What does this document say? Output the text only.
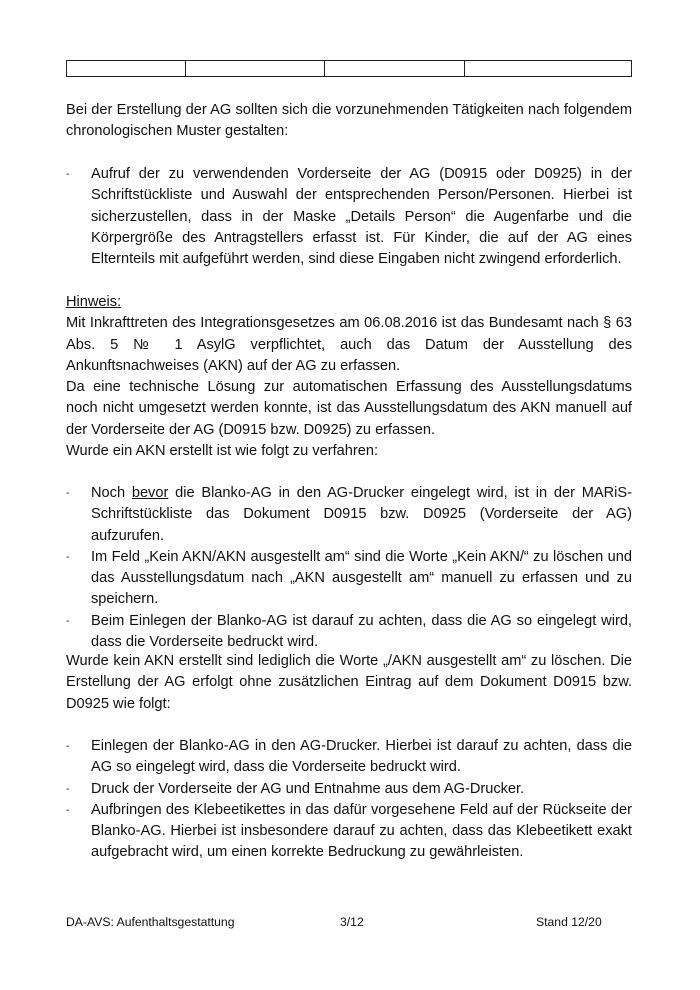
Bei der Erstellung der AG sollten sich die vorzunehmenden Tätigkeiten nach folgendem chronologischen Muster gestalten:

- Aufruf der zu verwendenden Vorderseite der AG (D0915 oder D0925) in der Schriftstückliste und Auswahl der entsprechenden Person/Personen. Hierbei ist sicherzustellen, dass in der Maske „Details Person“ die Augenfarbe und die Körpergröße des Antragstellers erfasst ist. Für Kinder, die auf der AG eines Elternteils mit aufgeführt werden, sind diese Eingaben nicht zwingend erforderlich.

Hinweis:

Mit Inkrafttreten des Integrationsgesetzes am 06.08.2016 ist das Bundesamt nach § 63 Abs. 5 № 1 AsylG verpflichtet, auch das Datum der Ausstellung des Ankunftsnachweises (AKN) auf der AG zu erfassen.

Da eine technische Lösung zur automatischen Erfassung des Ausstellungsdatums noch nicht umgesetzt werden konnte, ist das Ausstellungsdatum des AKN manuell auf der Vorderseite der AG (D0915 bzw. D0925) zu erfassen.

Wurde ein AKN erstellt ist wie folgt zu verfahren:

- Noch bevor die Blanko-AG in den AG-Drucker eingelegt wird, ist in der MARiS-Schriftstückliste das Dokument D0915 bzw. D0925 (Vorderseite der AG) aufzurufen.
- Im Feld „Kein AKN/AKN ausgestellt am“ sind die Worte „Kein AKN/“ zu löschen und das Ausstellungsdatum nach „AKN ausgestellt am“ manuell zu erfassen und zu speichern.
- Beim Einlegen der Blanko-AG ist darauf zu achten, dass die AG so eingelegt wird, dass die Vorderseite bedruckt wird.

Wurde kein AKN erstellt sind lediglich die Worte „/AKN ausgestellt am“ zu löschen. Die Erstellung der AG erfolgt ohne zusätzlichen Eintrag auf dem Dokument D0915 bzw. D0925 wie folgt:

- Einlegen der Blanko-AG in den AG-Drucker. Hierbei ist darauf zu achten, dass die AG so eingelegt wird, dass die Vorderseite bedruckt wird.
- Druck der Vorderseite der AG und Entnahme aus dem AG-Drucker.
- Aufbringen des Klebeetikettes in das dafür vorgesehene Feld auf der Rückseite der Blanko-AG. Hierbei ist insbesondere darauf zu achten, dass das Klebeetikett exakt aufgebracht wird, um einen korrekte Bedruckung zu gewährleisten.
DA-AVS: Aufenthaltsgestattung	3/12	Stand 12/20
